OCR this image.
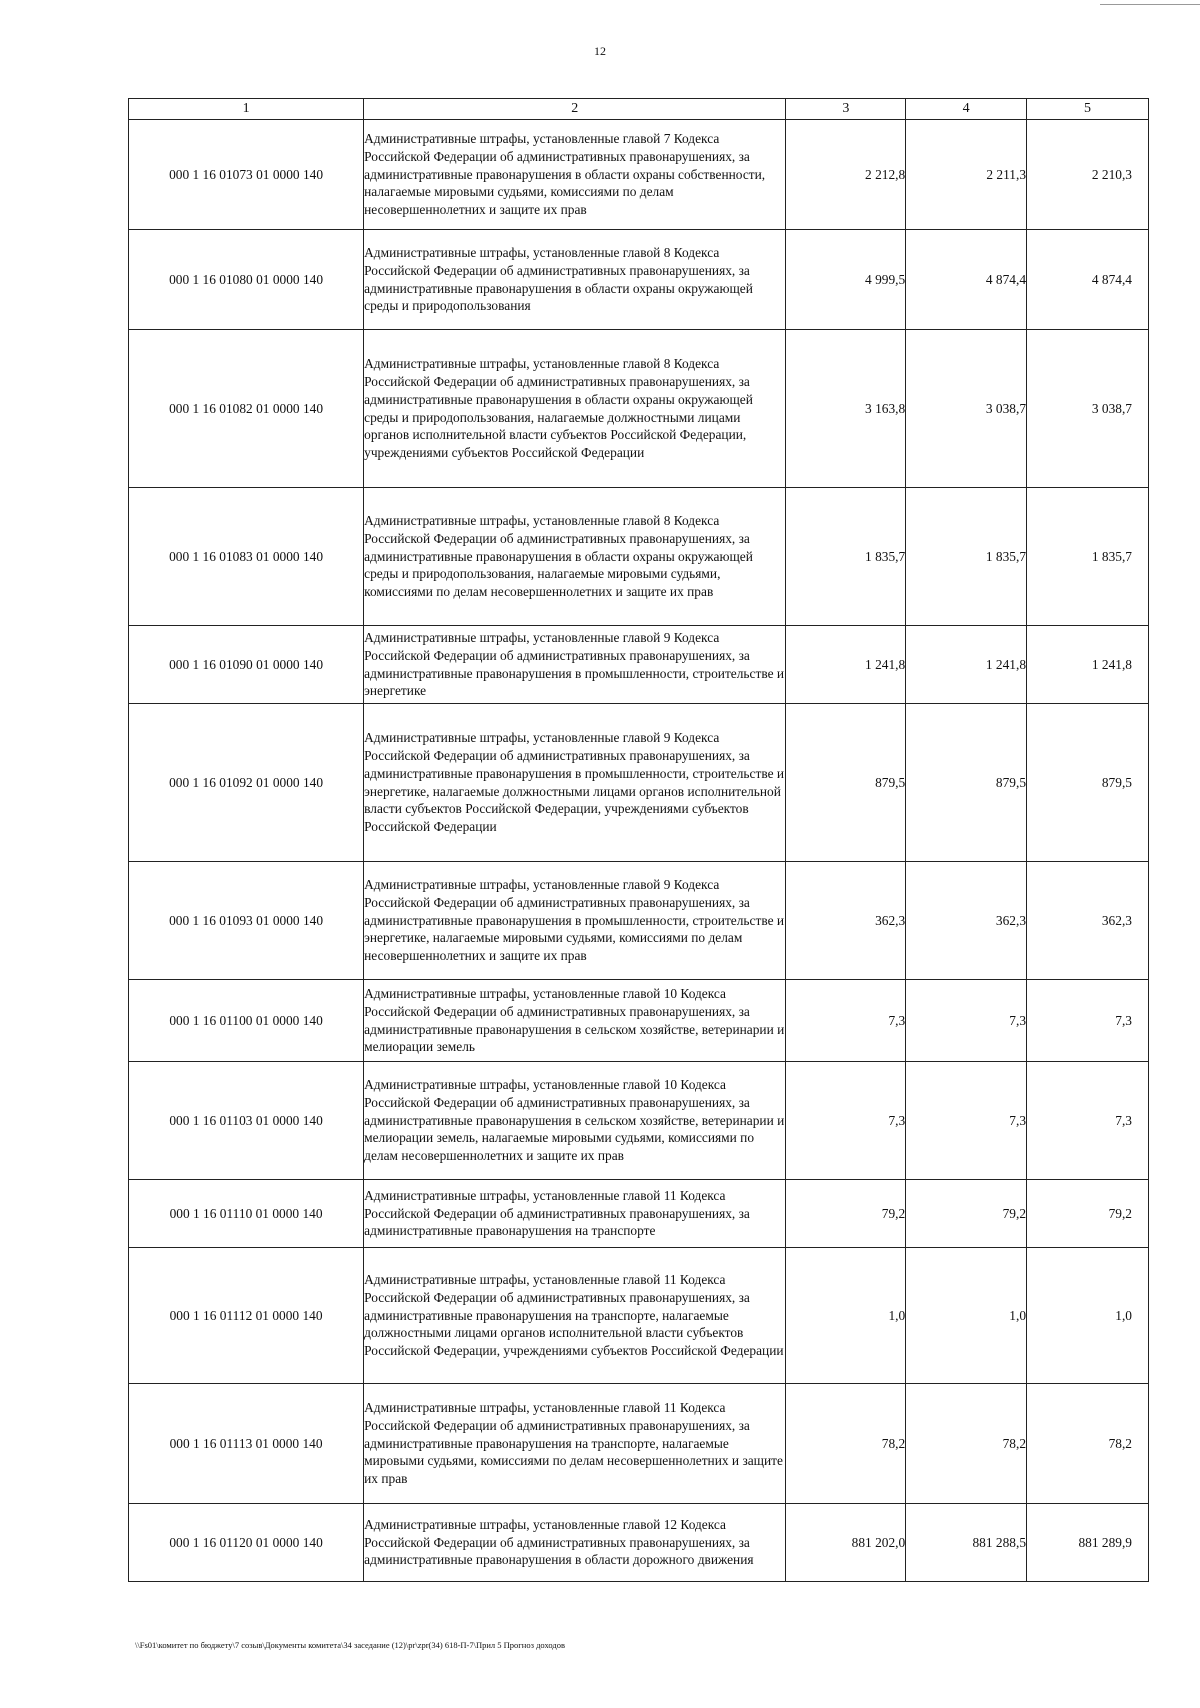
12
1	2	3	4	5
000 1 16 01073 01 0000 140	Административные штрафы, установленные главой 7 Кодекса Российской Федерации об административных правонарушениях, за административные правонарушения в области охраны собственности, налагаемые мировыми судьями, комиссиями по делам несовершеннолетних и защите их прав	2 212,8	2 211,3	2 210,3
000 1 16 01080 01 0000 140	Административные штрафы, установленные главой 8 Кодекса Российской Федерации об административных правонарушениях, за административные правонарушения в области охраны окружающей среды и природопользования	4 999,5	4 874,4	4 874,4
000 1 16 01082 01 0000 140	Административные штрафы, установленные главой 8 Кодекса Российской Федерации об административных правонарушениях, за административные правонарушения в области охраны окружающей среды и природопользования, налагаемые должностными лицами органов исполнительной власти субъектов Российской Федерации, учреждениями субъектов Российской Федерации	3 163,8	3 038,7	3 038,7
000 1 16 01083 01 0000 140	Административные штрафы, установленные главой 8 Кодекса Российской Федерации об административных правонарушениях, за административные правонарушения в области охраны окружающей среды и природопользования, налагаемые мировыми судьями, комиссиями по делам несовершеннолетних и защите их прав	1 835,7	1 835,7	1 835,7
000 1 16 01090 01 0000 140	Административные штрафы, установленные главой 9 Кодекса Российской Федерации об административных правонарушениях, за административные правонарушения в промышленности, строительстве и энергетике	1 241,8	1 241,8	1 241,8
000 1 16 01092 01 0000 140	Административные штрафы, установленные главой 9 Кодекса Российской Федерации об административных правонарушениях, за административные правонарушения в промышленности, строительстве и энергетике, налагаемые должностными лицами органов исполнительной власти субъектов Российской Федерации, учреждениями субъектов Российской Федерации	879,5	879,5	879,5
000 1 16 01093 01 0000 140	Административные штрафы, установленные главой 9 Кодекса Российской Федерации об административных правонарушениях, за административные правонарушения в промышленности, строительстве и энергетике, налагаемые мировыми судьями, комиссиями по делам несовершеннолетних и защите их прав	362,3	362,3	362,3
000 1 16 01100 01 0000 140	Административные штрафы, установленные главой 10 Кодекса Российской Федерации об административных правонарушениях, за административные правонарушения в сельском хозяйстве, ветеринарии и мелиорации земель	7,3	7,3	7,3
000 1 16 01103 01 0000 140	Административные штрафы, установленные главой 10 Кодекса Российской Федерации об административных правонарушениях, за административные правонарушения в сельском хозяйстве, ветеринарии и мелиорации земель, налагаемые мировыми судьями, комиссиями по делам несовершеннолетних и защите их прав	7,3	7,3	7,3
000 1 16 01110 01 0000 140	Административные штрафы, установленные главой 11 Кодекса Российской Федерации об административных правонарушениях, за административные правонарушения на транспорте	79,2	79,2	79,2
000 1 16 01112 01 0000 140	Административные штрафы, установленные главой 11 Кодекса Российской Федерации об административных правонарушениях, за административные правонарушения на транспорте, налагаемые должностными лицами органов исполнительной власти субъектов Российской Федерации, учреждениями субъектов Российской Федерации	1,0	1,0	1,0
000 1 16 01113 01 0000 140	Административные штрафы, установленные главой 11 Кодекса Российской Федерации об административных правонарушениях, за административные правонарушения на транспорте, налагаемые мировыми судьями, комиссиями по делам несовершеннолетних и защите их прав	78,2	78,2	78,2
000 1 16 01120 01 0000 140	Административные штрафы, установленные главой 12 Кодекса Российской Федерации об административных правонарушениях, за административные правонарушения в области дорожного движения	881 202,0	881 288,5	881 289,9
\\Fs01\комитет по бюджету\7 созыв\Документы комитета\34 заседание (12)\pr\zpr(34) 618-П-7\Прил 5 Прогноз доходов
